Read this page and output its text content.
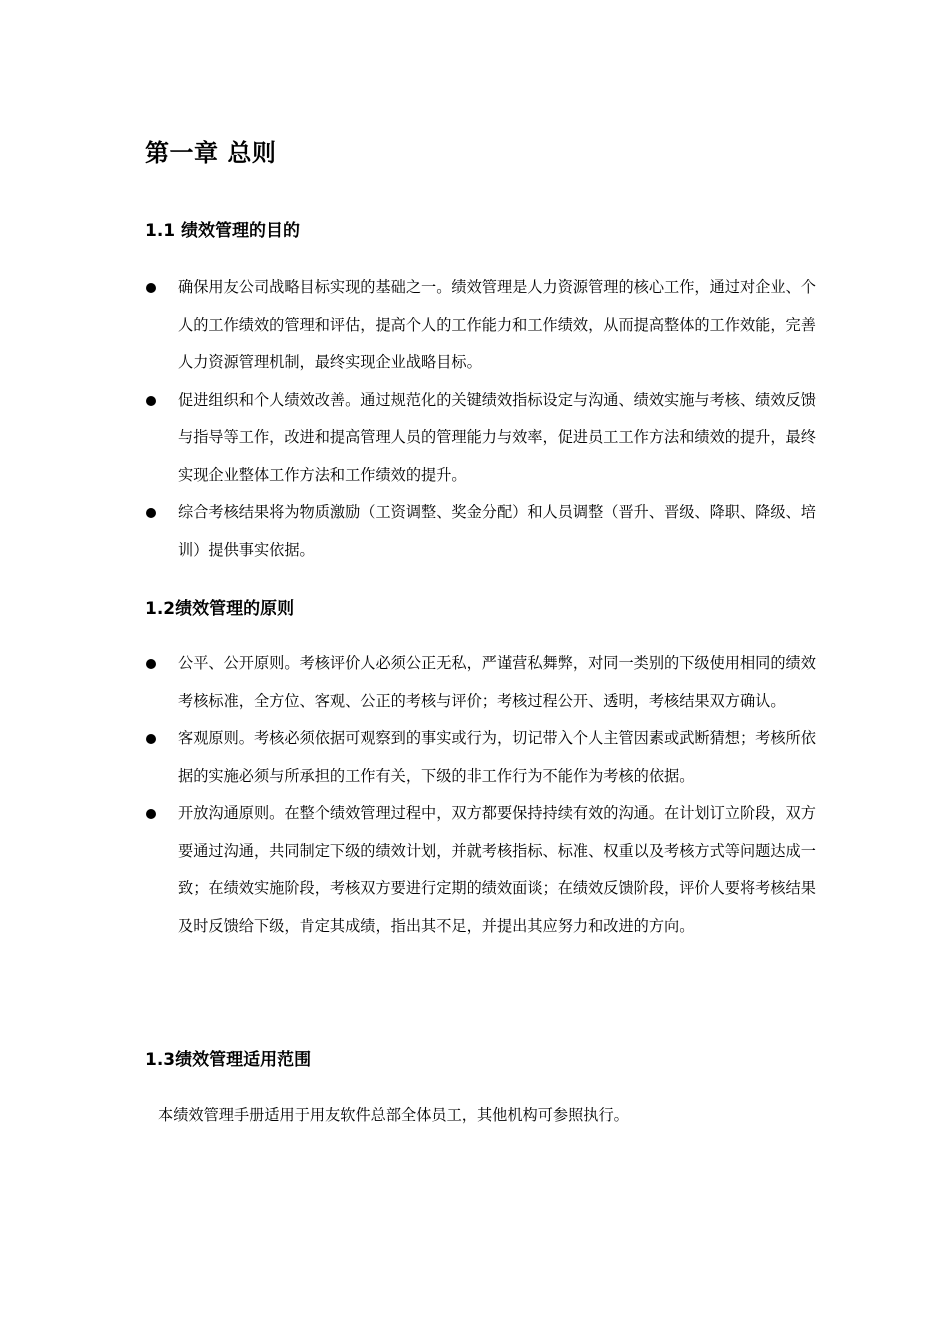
第一章 总则
1.1 绩效管理的目的
确保用友公司战略目标实现的基础之一。绩效管理是人力资源管理的核心工作，通过对企业、个人的工作绩效的管理和评估，提高个人的工作能力和工作绩效，从而提高整体的工作效能，完善人力资源管理机制，最终实现企业战略目标。
促进组织和个人绩效改善。通过规范化的关键绩效指标设定与沟通、绩效实施与考核、绩效反馈与指导等工作，改进和提高管理人员的管理能力与效率，促进员工工作方法和绩效的提升，最终实现企业整体工作方法和工作绩效的提升。
综合考核结果将为物质激励（工资调整、奖金分配）和人员调整（晋升、晋级、降职、降级、培训）提供事实依据。
1.2绩效管理的原则
公平、公开原则。考核评价人必须公正无私，严谨营私舞弊，对同一类别的下级使用相同的绩效考核标准，全方位、客观、公正的考核与评价；考核过程公开、透明，考核结果双方确认。
客观原则。考核必须依据可观察到的事实或行为，切记带入个人主管因素或武断猜想；考核所依据的实施必须与所承担的工作有关，下级的非工作行为不能作为考核的依据。
开放沟通原则。在整个绩效管理过程中，双方都要保持持续有效的沟通。在计划订立阶段，双方要通过沟通，共同制定下级的绩效计划，并就考核指标、标准、权重以及考核方式等问题达成一致；在绩效实施阶段，考核双方要进行定期的绩效面谈；在绩效反馈阶段，评价人要将考核结果及时反馈给下级，肯定其成绩，指出其不足，并提出其应努力和改进的方向。
1.3绩效管理适用范围

本绩效管理手册适用于用友软件总部全体员工，其他机构可参照执行。
